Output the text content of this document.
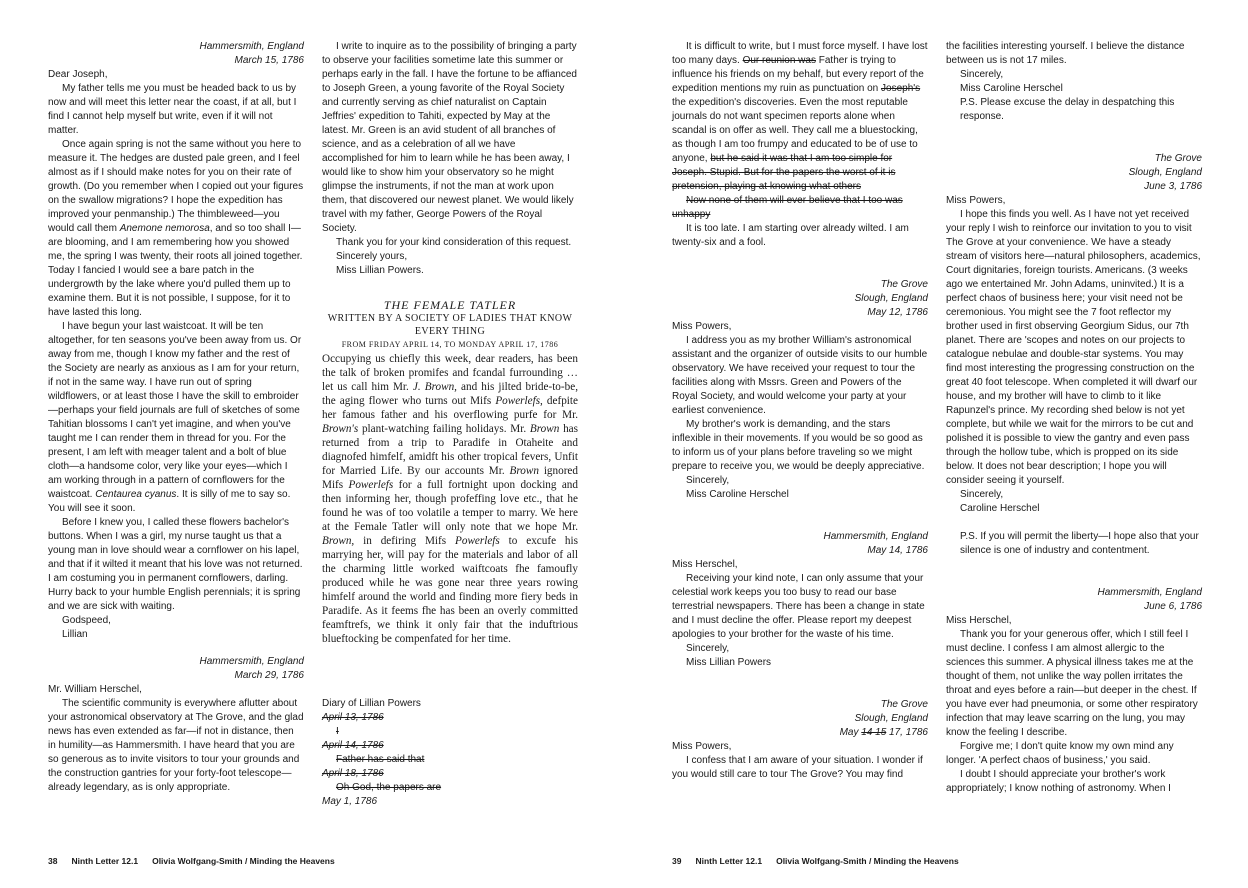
Hammersmith, England

March 15, 1786

Dear Joseph,

My father tells me you must be headed back to us by now and will meet this letter near the coast, if at all, but I find I cannot help myself but write, even if it will not matter.

Once again spring is not the same without you here to measure it. The hedges are dusted pale green, and I feel almost as if I should make notes for you on their rate of growth. (Do you remember when I copied out your figures on the swallow migrations? I hope the expedition has improved your penmanship.) The thimbleweed—you would call them Anemone nemorosa, and so too shall I—are blooming, and I am remembering how you showed me, the spring I was twenty, their roots all joined together. Today I fancied I would see a bare patch in the undergrowth by the lake where you'd pulled them up to examine them. But it is not possible, I suppose, for it to have lasted this long.

I have begun your last waistcoat. It will be ten altogether, for ten seasons you've been away from us. Or away from me, though I know my father and the rest of the Society are nearly as anxious as I am for your return, if not in the same way. I have run out of spring wildflowers, or at least those I have the skill to embroider—perhaps your field journals are full of sketches of some Tahitian blossoms I can't yet imagine, and when you've taught me I can render them in thread for you. For the present, I am left with meager talent and a bolt of blue cloth—a handsome color, very like your eyes—which I am working through in a pattern of cornflowers for the waistcoat. Centaurea cyanus. It is silly of me to say so. You will see it soon.

Before I knew you, I called these flowers bachelor's buttons. When I was a girl, my nurse taught us that a young man in love should wear a cornflower on his lapel, and that if it wilted it meant that his love was not returned. I am costuming you in permanent cornflowers, darling. Hurry back to your humble English perennials; it is spring and we are sick with waiting.

Godspeed,

Lillian

Hammersmith, England

March 29, 1786

Mr. William Herschel,

The scientific community is everywhere aflutter about your astronomical observatory at The Grove, and the glad news has even extended as far—if not in distance, then in humility—as Hammersmith. I have heard that you are so generous as to invite visitors to tour your grounds and the construction gantries for your forty-foot telescope—already legendary, as is only appropriate.

I write to inquire as to the possibility of bringing a party to observe your facilities sometime late this summer or perhaps early in the fall. I have the fortune to be affianced to Joseph Green, a young favorite of the Royal Society and currently serving as chief naturalist on Captain Jeffries' expedition to Tahiti, expected by May at the latest. Mr. Green is an avid student of all branches of science, and as a celebration of all we have accomplished for him to learn while he has been away, I would like to show him your observatory so he might glimpse the instruments, if not the man at work upon them, that discovered our newest planet. We would likely travel with my father, George Powers of the Royal Society.

Thank you for your kind consideration of this request.

Sincerely yours,

Miss Lillian Powers.

THE FEMALE TATLER

WRITTEN BY A SOCIETY OF LADIES THAT KNOW EVERY THING

FROM FRIDAY APRIL 14, TO MONDAY APRIL 17, 1786

Occupying us chiefly this week, dear readers, has been the talk of broken promifes and fcandal furrounding … let us call him Mr. J. Brown, and his jilted bride-to-be, the aging flower who turns out Mifs Powerlefs, defpite her famous father and his overflowing purfe for Mr. Brown's plant-watching failing holidays. Mr. Brown has returned from a trip to Paradife in Otaheite and diagnofed himfelf, amidft his other tropical fevers, Unfit for Married Life. By our accounts Mr. Brown ignored Mifs Powerlefs for a full fortnight upon docking and then informing her, though profeffing love etc., that he found he was of too volatile a temper to marry. We here at the Female Tatler will only note that we hope Mr. Brown, in defiring Mifs Powerlefs to excufe his marrying her, will pay for the materials and labor of all the charming little worked waiftcoats fhe famoufly produced while he was gone near three years rowing himfelf around the world and finding more fiery beds in Paradife. As it feems fhe has been an overly committed feamftrefs, we think it only fair that the induftrious blueftocking be compenfated for her time.

Diary of Lillian Powers

April 13, 1786

I

April 14, 1786

Father has said that

April 18, 1786

Oh God, the papers are

May 1, 1786

38 Ninth Letter 12.1 Olivia Wolfgang-Smith / Minding the Heavens

It is difficult to write, but I must force myself. I have lost too many days. Our reunion was Father is trying to influence his friends on my behalf, but every report of the expedition mentions my ruin as punctuation on Joseph's the expedition's discoveries. Even the most reputable journals do not want specimen reports alone when scandal is on offer as well. They call me a bluestocking, as though I am too frumpy and educated to be of use to anyone, but he said it was that I am too simple for Joseph. Stupid. But for the papers the worst of it is pretension, playing at knowing what others

Now none of them will ever believe that I too was unhappy

It is too late. I am starting over already wilted. I am twenty-six and a fool.

The Grove

Slough, England

May 12, 1786

Miss Powers,

I address you as my brother William's astronomical assistant and the organizer of outside visits to our humble observatory. We have received your request to tour the facilities along with Mssrs. Green and Powers of the Royal Society, and would welcome your party at your earliest convenience.

My brother's work is demanding, and the stars inflexible in their movements. If you would be so good as to inform us of your plans before traveling so we might prepare to receive you, we would be deeply appreciative.

Sincerely,

Miss Caroline Herschel

Hammersmith, England

May 14, 1786

Miss Herschel,

Receiving your kind note, I can only assume that your celestial work keeps you too busy to read our base terrestrial newspapers. There has been a change in state and I must decline the offer. Please report my deepest apologies to your brother for the waste of his time.

Sincerely,

Miss Lillian Powers

The Grove

Slough, England

May 14 15 17, 1786

Miss Powers,

I confess that I am aware of your situation. I wonder if you would still care to tour The Grove? You may find

the facilities interesting yourself. I believe the distance between us is not 17 miles.

Sincerely,

Miss Caroline Herschel

P.S. Please excuse the delay in despatching this response.

The Grove

Slough, England

June 3, 1786

Miss Powers,

I hope this finds you well. As I have not yet received your reply I wish to reinforce our invitation to you to visit The Grove at your convenience. We have a steady stream of visitors here—natural philosophers, academics, Court dignitaries, foreign tourists. Americans. (3 weeks ago we entertained Mr. John Adams, uninvited.) It is a perfect chaos of business here; your visit need not be ceremonious. You might see the 7 foot reflector my brother used in first observing Georgium Sidus, our 7th planet. There are 'scopes and notes on our projects to catalogue nebulae and double-star systems. You may find most interesting the progressing construction on the great 40 foot telescope. When completed it will dwarf our house, and my brother will have to climb to it like Rapunzel's prince. My recording shed below is not yet complete, but while we wait for the mirrors to be cut and polished it is possible to view the gantry and even pass through the hollow tube, which is propped on its side below. It does not bear description; I hope you will consider seeing it yourself.

Sincerely,

Caroline Herschel

P.S. If you will permit the liberty—I hope also that your silence is one of industry and contentment.

Hammersmith, England

June 6, 1786

Miss Herschel,

Thank you for your generous offer, which I still feel I must decline. I confess I am almost allergic to the sciences this summer. A physical illness takes me at the thought of them, not unlike the way pollen irritates the throat and eyes before a rain—but deeper in the chest. If you have ever had pneumonia, or some other respiratory infection that may leave scarring on the lung, you may know the feeling I describe.

Forgive me; I don't quite know my own mind any longer. 'A perfect chaos of business,' you said.

I doubt I should appreciate your brother's work appropriately; I know nothing of astronomy. When I

39 Ninth Letter 12.1 Olivia Wolfgang-Smith / Minding the Heavens
